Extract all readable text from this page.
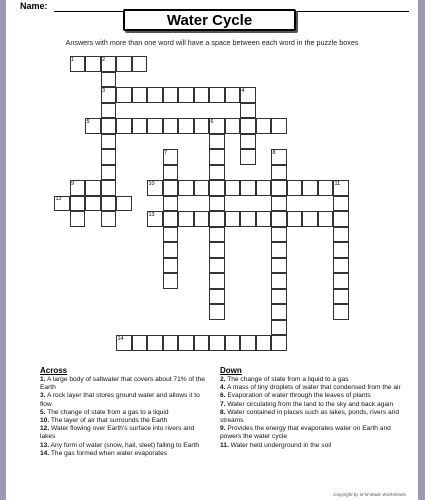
Name:
Water Cycle
Answers with more than one word will have a space between each word in the puzzle boxes
1	2
3	4
5	6
7	8
9	10	11
12
13
14
Across
1. A large body of saltwater that covers about 71% of the Earth
3. A rock layer that stores ground water and allows it to flow
5. The change of state from a gas to a liquid
10. The layer of air that surrounds the Earth
12. Water flowing over Earth's surface into rivers and lakes
13. Any form of water (snow, hail, sleet) falling to Earth
14. The gas formed when water evaporates
Down
2. The change of state from a liquid to a gas
4. A mass of tiny droplets of water that condensed from the air
6. Evaporation of water through the leaves of plants
7. Water circulating from the land to the sky and back again
8. Water contained in places such as lakes, ponds, rivers and streams
9. Provides the energy that evaporates water on Earth and powers the water cycle
11. Water held underground in the soil
Copyright by M M Made Worksheets
